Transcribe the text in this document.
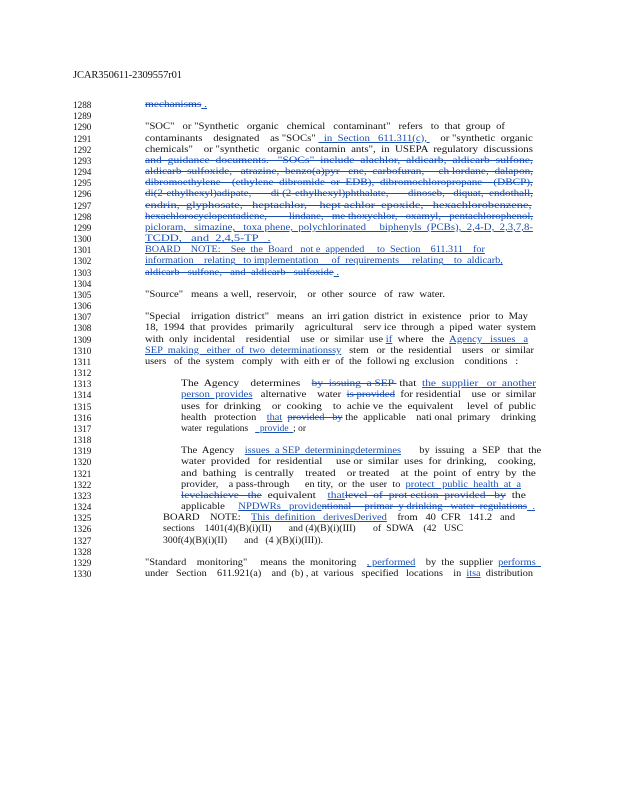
JCAR350611-2309557r01
1288	mechanisms .
1289
1290	"SOC"   or "Synthetic   organic   chemical   contaminant"   refers   to  that  group  of
1291	contaminants    designated    as "SOCs"   in  Section   611.311(c),     or "synthetic  organic
1292	chemicals"    or "synthetic   organic  contamin  ants",  in  USEPA  regulatory  discussions
1293	and  guidance  documents.   "SOCs"  include  alachlor,  aldicarb,  aldicarb  sulfone,
1294	aldicarb  sulfoxide,   atrazine,  benzo(a)pyr   ene,  carbofuran,     ch lordane,  dalapon,
1295	dibromoethylene    (ethylene  dibromide  or  EDB),  dibromochloropropane    (DBCP),
1296	di(2-ethylhexyl)adipate,       di (2-ethylhexyl)phthalate,       dinoseb,   diquat,  endothall,
1297	endrin,  glyphosate,   heptachlor,    hept achlor  epoxide,   hexachlorobenzene,
1298	hexachlorocyclopentadiene,        lindane,   me thoxychlor,   oxamyl,   pentachlorophenol,
1299	picloram,   simazine,   toxa phene,  polychlorinated     biphenyls  (PCBs),  2,4-D,  2,3,7,8-
1300	TCDD,   and  2,4,5-TP   .
1301	BOARD    NOTE:    See  the  Board   not e  appended     to  Section    611.311    for
1302	information    relating   to implementation     of  requirements     relating    to  aldicarb,
1303	aldicarb   sulfone,   and  aldicarb   sulfoxide .
1304
1305	"Source"   means  a well,  reservoir,    or  other  source   of  raw  water.
1306
1307	"Special    irrigation  district"   means   an  irri gation  district  in  existence   prior  to  May
1308	18,  1994  that  provides   primarily    agricultural    serv ice  through  a  piped  water  system
1309	with  only  incidental    residential    use  or  similar  use if  where   the  Agency   issues   a
1310	SEP  making   either  of  two  determinationssy   stem   or  the  residential    users   or  similar
1311	users   of  the  system   comply   with  eith er  of  the  followi ng  exclusion    conditions   :
1312
1313	The  Agency    determines    by  issuing  a SEP  that  the  supplier   or  another
1314	person  provides   alternative    water  is provided  for residential    use  or  similar
1315	uses  for  drinking    or  cooking    to  achie ve  the  equivalent     level  of  public
1316	health   protection    that provided   by the  applicable    nati onal  primary    drinking
1317	water  regulations     provide  ; or
1318
1319	The  Agency    issues  a SEP  determiningdetermines       by  issuing   a  SEP   that  the
1320	water  provided   for  residential     use or  similar  uses  for  drinking,    cooking,
1321	and  bathing   is centrally    treated    or treated    at  the  point  of  entry  by  the
1322	provider,    a pass-through      en tity,  or  the  user  to  protect   public  health  at  a
1323	levelachieve   the  equivalent    thatlevel  of  prot ection  provided   by  the
1324	applicable     NPDWRs   providentional     primar  y drinking   water  regulations  .
1325	BOARD    NOTE:    This  definition   derivesDerived    from   40  CFR   141.2   and
1326	sections    1401(4)(B)(i)(II)       and (4)(B)(i)(III)       of  SDWA    (42   USC
1327	300f(4)(B)(i)(II)       and   (4 )(B)(i)(III)).
1328
1329	"Standard    monitoring"     means  the  monitoring    , performed    by  the  supplier  performs
1330	under   Section    611.921(a)    and  (b) , at  various   specified   locations    in  itsa  distribution
